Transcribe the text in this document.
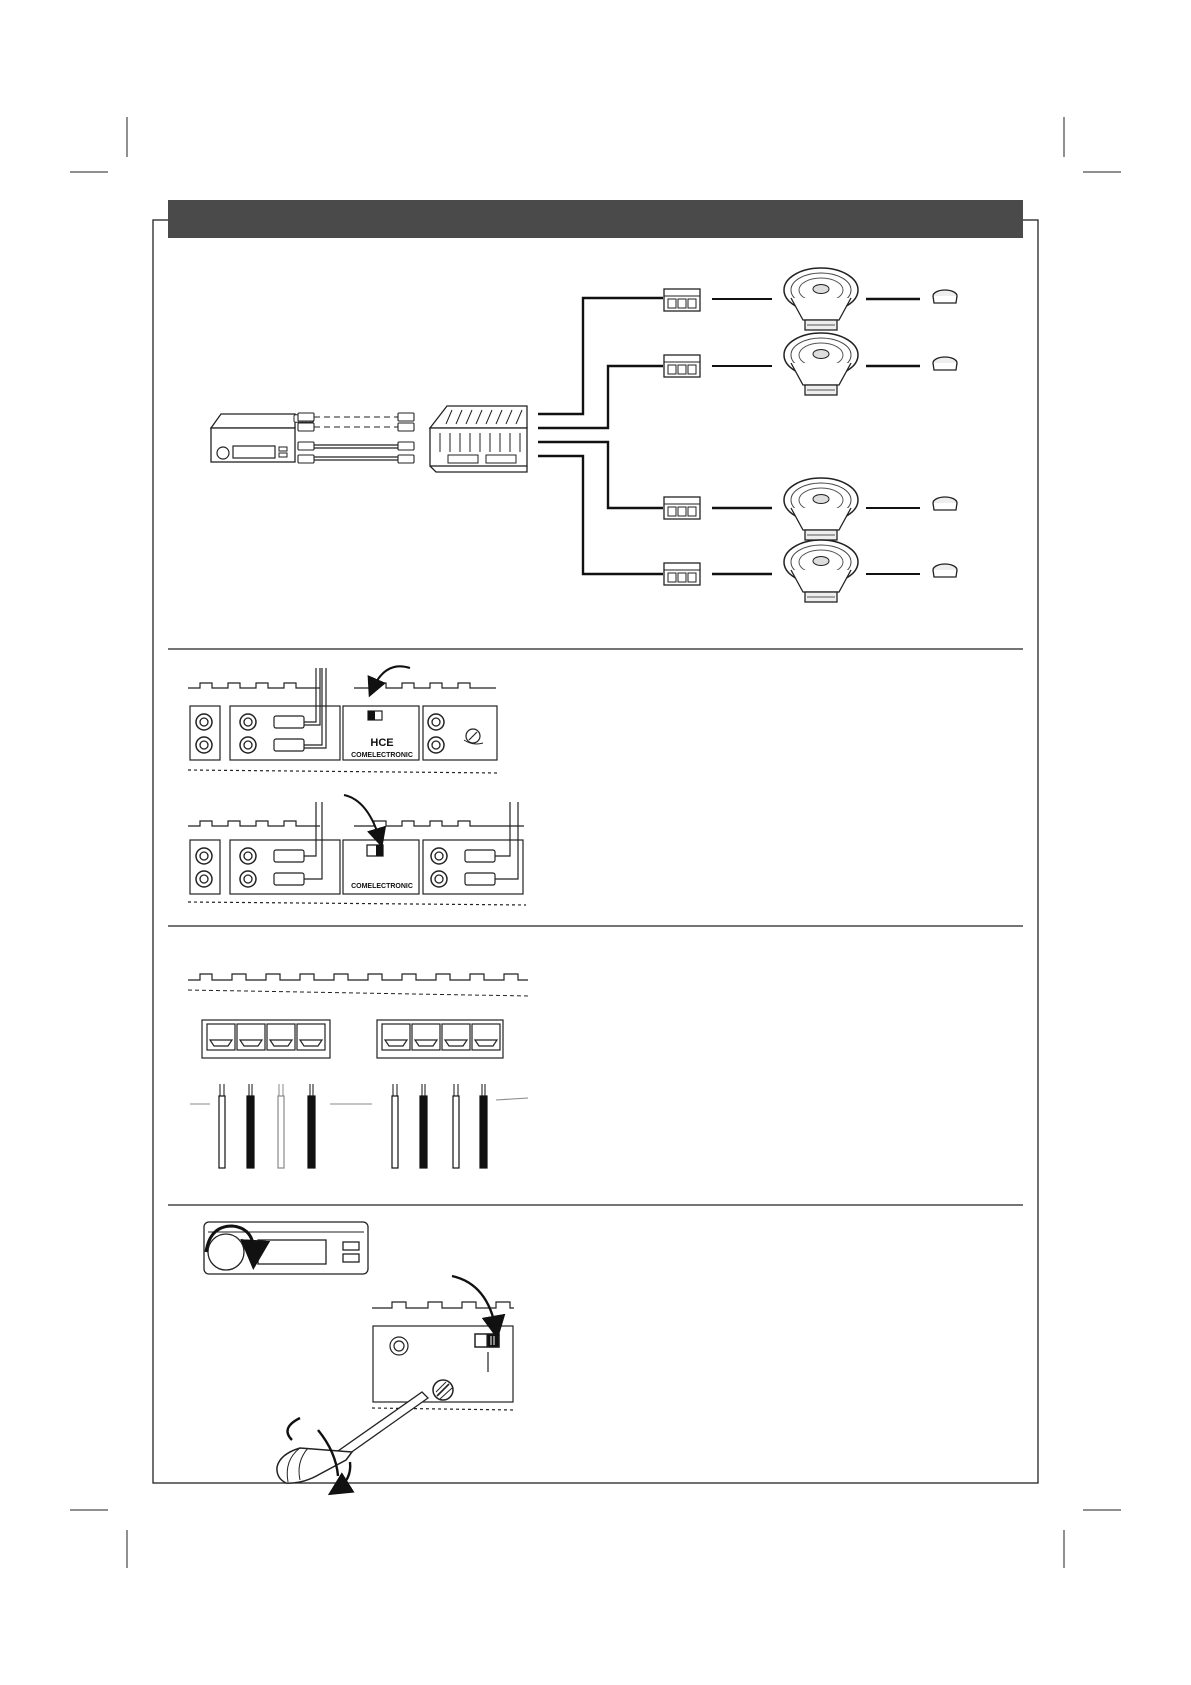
HCE
COMELECTRONIC
COMELECTRONIC
